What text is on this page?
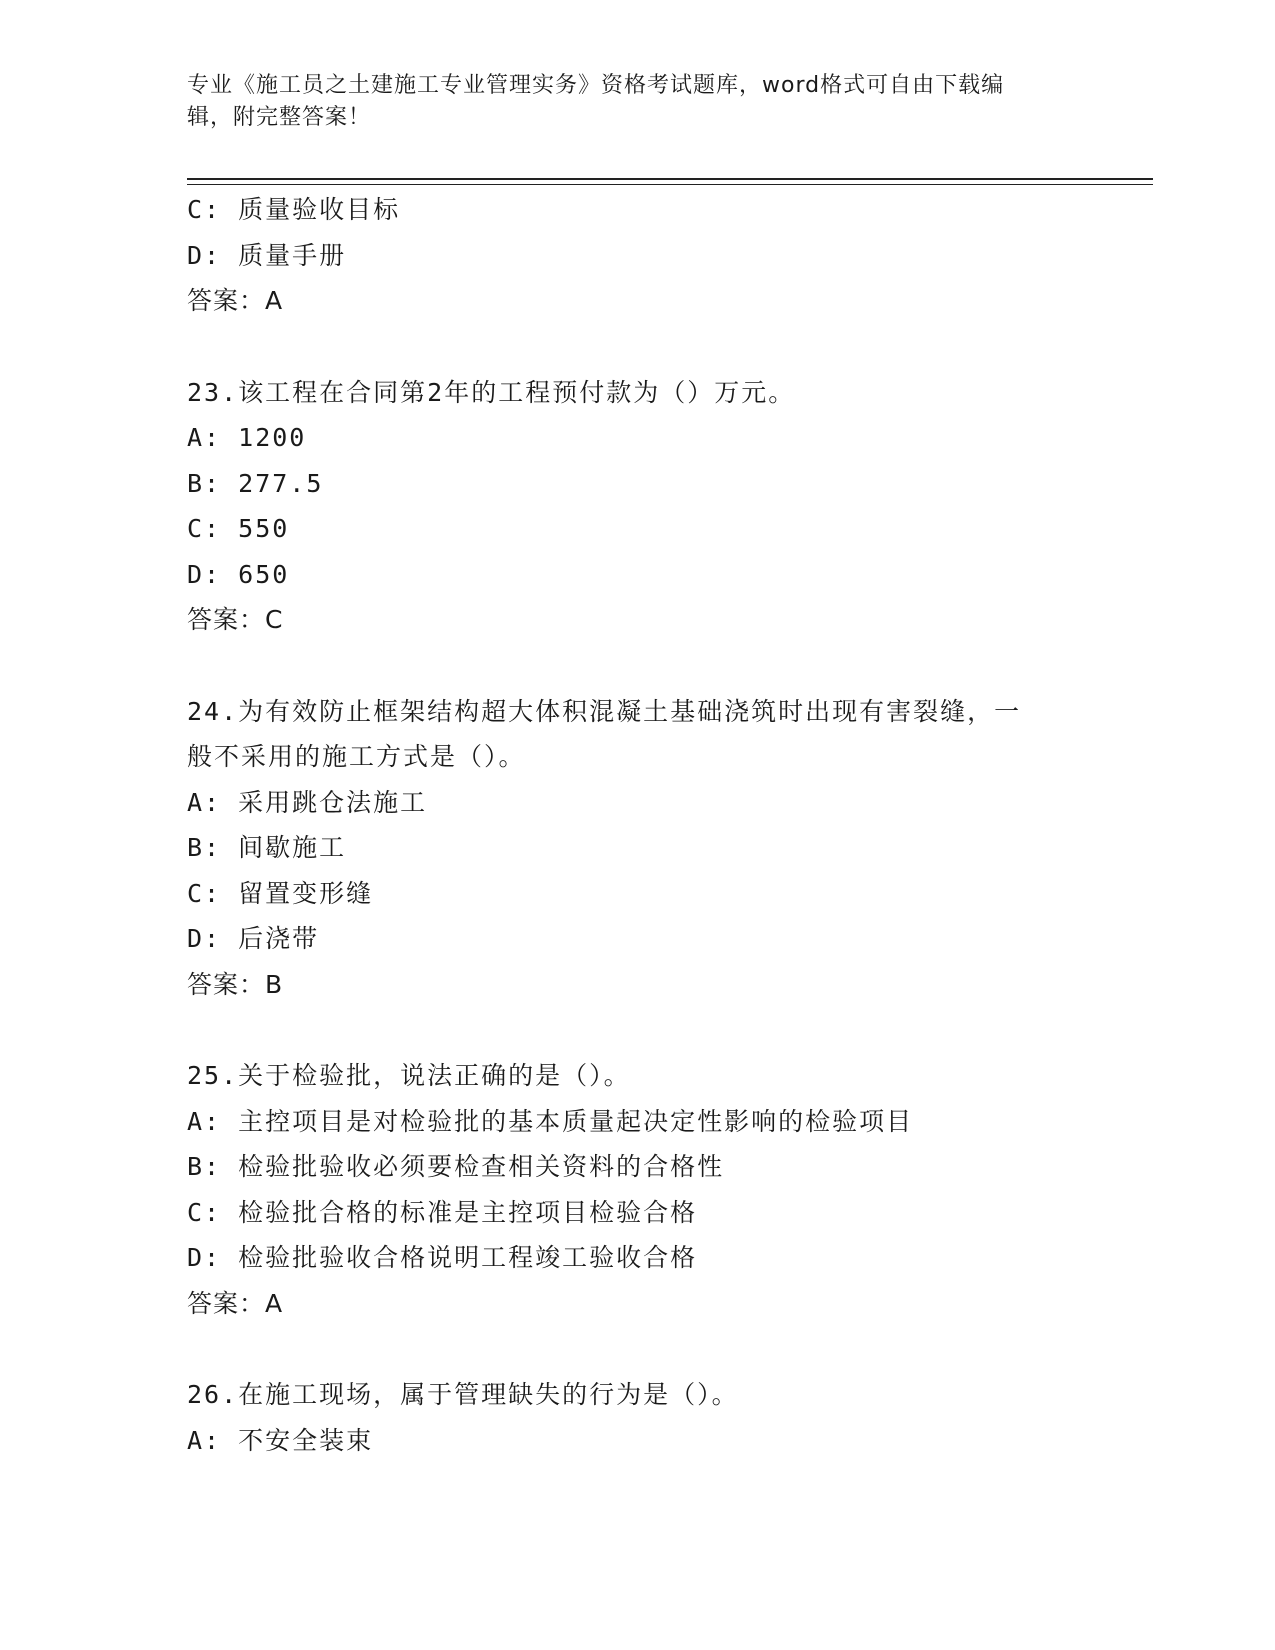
专业《施工员之土建施工专业管理实务》资格考试题库，word格式可自由下载编
辑，附完整答案！
C: 质量验收目标
D: 质量手册
答案：A
23.该工程在合同第2年的工程预付款为（）万元。
A: 1200
B: 277.5
C: 550
D: 650
答案：C
24.为有效防止框架结构超大体积混凝土基础浇筑时出现有害裂缝，一
般不采用的施工方式是（）。
A: 采用跳仓法施工
B: 间歇施工
C: 留置变形缝
D: 后浇带
答案：B
25.关于检验批，说法正确的是（）。
A: 主控项目是对检验批的基本质量起决定性影响的检验项目
B: 检验批验收必须要检查相关资料的合格性
C: 检验批合格的标准是主控项目检验合格
D: 检验批验收合格说明工程竣工验收合格
答案：A
26.在施工现场，属于管理缺失的行为是（）。
A: 不安全装束
